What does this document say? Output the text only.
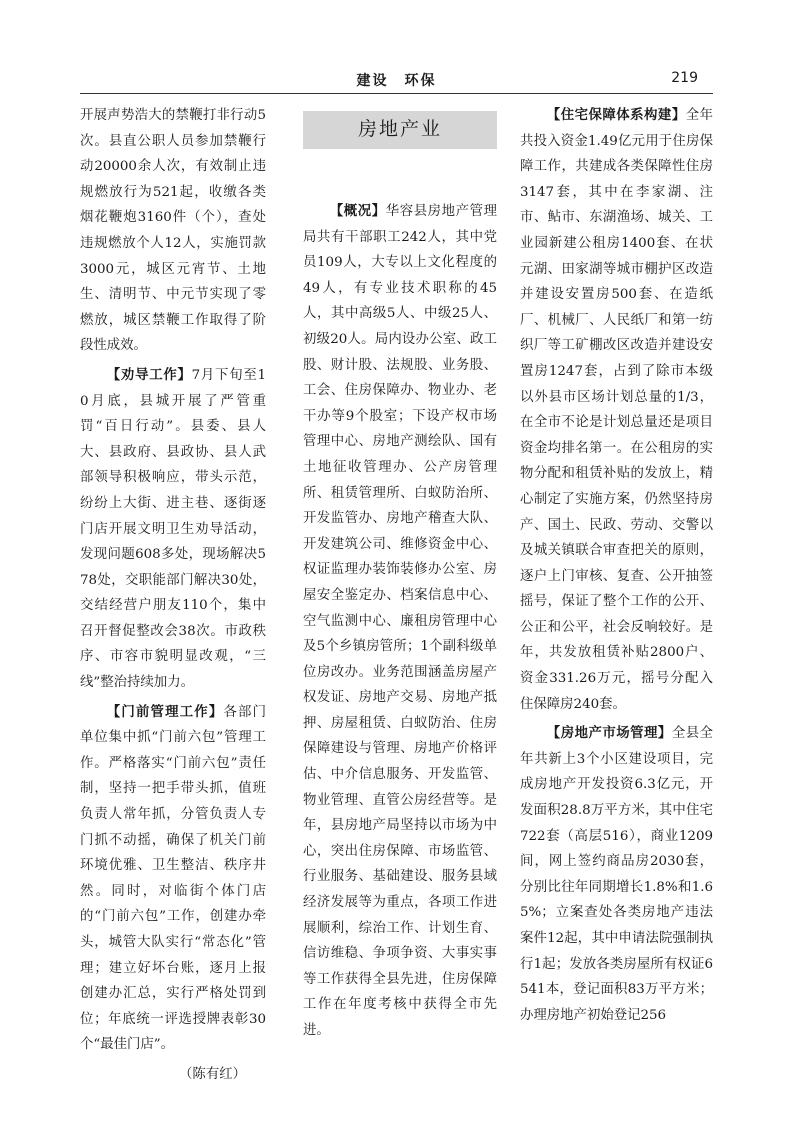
建设　环保	219

开展声势浩大的禁鞭打非行动5次。县直公职人员参加禁鞭行动20000余人次，有效制止违规燃放行为521起，收缴各类烟花鞭炮3160件（个），查处违规燃放个人12人，实施罚款3000元，城区元宵节、土地生、清明节、中元节实现了零燃放，城区禁鞭工作取得了阶段性成效。

【劝导工作】7月下旬至10月底，县城开展了严管重罚“百日行动”。县委、县人大、县政府、县政协、县人武部领导积极响应，带头示范，纷纷上大街、进主巷、逐街逐门店开展文明卫生劝导活动，发现问题608多处，现场解决578处，交职能部门解决30处，交结经营户朋友110个，集中召开督促整改会38次。市政秩序、市容市貌明显改观，“三线”整治持续加力。

【门前管理工作】各部门单位集中抓“门前六包”管理工作。严格落实“门前六包”责任制，坚持一把手带头抓，值班负责人常年抓，分管负责人专门抓不动摇，确保了机关门前环境优雅、卫生整洁、秩序井然。同时，对临街个体门店的“门前六包”工作，创建办牵头，城管大队实行“常态化”管理；建立好坏台账，逐月上报创建办汇总，实行严格处罚到位；年底统一评选授牌表彰30个“最佳门店”。

（陈有红）
房地产业

【概况】华容县房地产管理局共有干部职工242人，其中党员109人，大专以上文化程度的49人，有专业技术职称的45人，其中高级5人、中级25人、初级20人。局内设办公室、政工股、财计股、法规股、业务股、工会、住房保障办、物业办、老干办等9个股室；下设产权市场管理中心、房地产测绘队、国有土地征收管理办、公产房管理所、租赁管理所、白蚁防治所、开发监管办、房地产稽查大队、开发建筑公司、维修资金中心、权证监理办装饰装修办公室、房屋安全鉴定办、档案信息中心、空气监测中心、廉租房管理中心及5个乡镇房管所；1个副科级单位房改办。业务范围涵盖房屋产权发证、房地产交易、房地产抵押、房屋租赁、白蚁防治、住房保障建设与管理、房地产价格评估、中介信息服务、开发监管、物业管理、直管公房经营等。是年，县房地产局坚持以市场为中心，突出住房保障、市场监管、行业服务、基础建设、服务县域经济发展等为重点，各项工作进展顺利，综治工作、计划生育、信访维稳、争项争资、大事实事等工作获得全县先进，住房保障工作在年度考核中获得全市先进。

【住宅保障体系构建】全年共投入资金1.49亿元用于住房保障工作，共建成各类保障性住房3147套，其中在李家湖、注市、鲇市、东湖渔场、城关、工业园新建公租房1400套、在状元湖、田家湖等城市棚护区改造并建设安置房500套、在造纸厂、机械厂、人民纸厂和第一纺织厂等工矿棚改区改造并建设安置房1247套，占到了除市本级以外县市区场计划总量的1/3，在全市不论是计划总量还是项目资金均排名第一。在公租房的实物分配和租赁补贴的发放上，精心制定了实施方案，仍然坚持房产、国土、民政、劳动、交警以及城关镇联合审查把关的原则，逐户上门审核、复查、公开抽签摇号，保证了整个工作的公开、公正和公平，社会反响较好。是年，共发放租赁补贴2800户、资金331.26万元，摇号分配入住保障房240套。

【房地产市场管理】全县全年共新上3个小区建设项目，完成房地产开发投资6.3亿元，开发面积28.8万平方米，其中住宅722套（高层516），商业1209间，网上签约商品房2030套，分别比往年同期增长1.8%和1.65%；立案查处各类房地产违法案件12起，其中申请法院强制执行1起；发放各类房屋所有权证6541本，登记面积83万平方米；办理房地产初始登记256
